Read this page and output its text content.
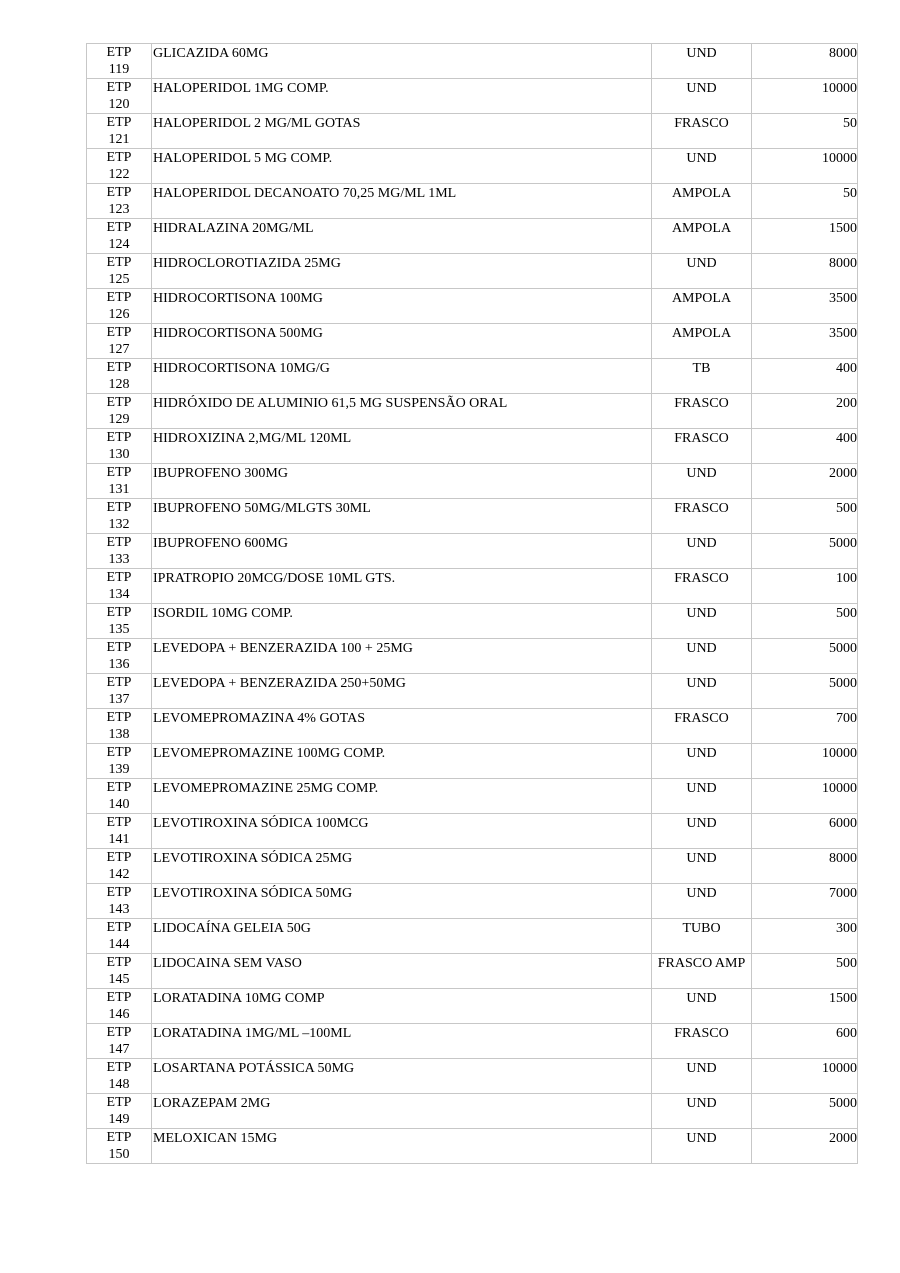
ETP
119	GLICAZIDA 60MG	UND	8000

ETP
120	HALOPERIDOL 1MG COMP.	UND	10000

ETP
121	HALOPERIDOL 2 MG/ML GOTAS	FRASCO	50

ETP
122	HALOPERIDOL 5 MG COMP.	UND	10000

ETP
123	HALOPERIDOL DECANOATO 70,25 MG/ML 1ML	AMPOLA	50

ETP
124	HIDRALAZINA 20MG/ML	AMPOLA	1500

ETP
125	HIDROCLOROTIAZIDA 25MG	UND	8000

ETP
126	HIDROCORTISONA 100MG	AMPOLA	3500

ETP
127	HIDROCORTISONA 500MG	AMPOLA	3500

ETP
128	HIDROCORTISONA 10MG/G	TB	400

ETP
129	HIDRÓXIDO DE ALUMINIO 61,5 MG SUSPENSÃO ORAL	FRASCO	200

ETP
130	HIDROXIZINA 2,MG/ML 120ML	FRASCO	400

ETP
131	IBUPROFENO 300MG	UND	2000

ETP
132	IBUPROFENO 50MG/MLGTS 30ML	FRASCO	500

ETP
133	IBUPROFENO 600MG	UND	5000

ETP
134	IPRATROPIO 20MCG/DOSE 10ML GTS.	FRASCO	100

ETP
135	ISORDIL 10MG COMP.	UND	500

ETP
136	LEVEDOPA + BENZERAZIDA 100 + 25MG	UND	5000

ETP
137	LEVEDOPA + BENZERAZIDA 250+50MG	UND	5000

ETP
138	LEVOMEPROMAZINA 4% GOTAS	FRASCO	700

ETP
139	LEVOMEPROMAZINE 100MG COMP.	UND	10000

ETP
140	LEVOMEPROMAZINE 25MG COMP.	UND	10000

ETP
141	LEVOTIROXINA SÓDICA 100MCG	UND	6000

ETP
142	LEVOTIROXINA SÓDICA 25MG	UND	8000

ETP
143	LEVOTIROXINA SÓDICA 50MG	UND	7000

ETP
144	LIDOCAÍNA GELEIA 50G	TUBO	300

ETP
145	LIDOCAINA SEM VASO	FRASCO AMP	500

ETP
146	LORATADINA 10MG COMP	UND	1500

ETP
147	LORATADINA 1MG/ML –100ML	FRASCO	600

ETP
148	LOSARTANA POTÁSSICA 50MG	UND	10000

ETP
149	LORAZEPAM 2MG	UND	5000

ETP
150	MELOXICAN 15MG	UND	2000
